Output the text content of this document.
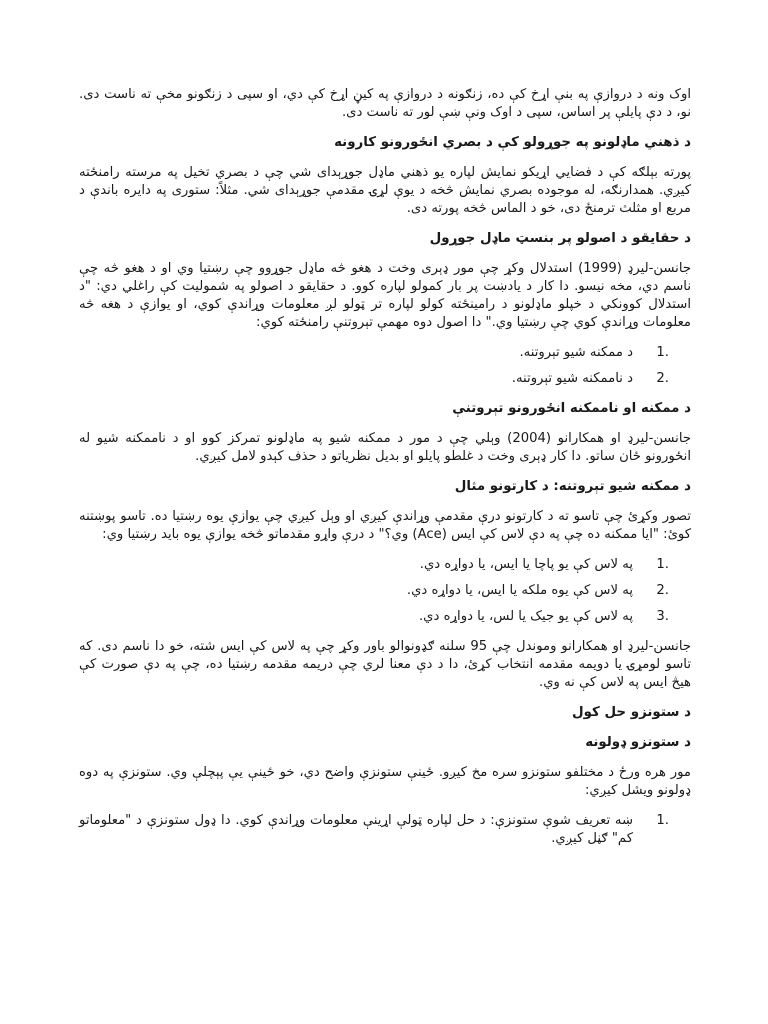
اوک ونه د دروازې په بنې اړخ کې ده، زنګونه د دروازې په کيڼ اړخ کې دي، او سپی د زنګونو مخې ته ناست دی. نو، د دې پايلې پر اساس، سپی د اوک ونې ښې لور ته ناست دی.

د ذهني ماډلونو په جوړولو کې د بصري انځورونو کارونه

پورته بېلګه کې د فضايي اړيکو نمايش لپاره يو ذهني ماډل جوړېدای شي چې د بصري تخيل په مرسته رامنځته کيږي. همدارنګه، له موجوده بصري نمايش څخه د يوې لړۍ مقدمې جوړېدای شي. مثلاً: ستوری په دايره باندې د مربع او مثلث ترمنځ دی، خو د الماس څخه پورته دی.

د حقايقو د اصولو پر بنسټ ماډل جوړول

جانسن-ليرډ (1999) استدلال وکړ چې مور ډېری وخت د هغو څه ماډل جوړوو چې رښتيا وي او د هغو څه چې ناسم دي، مخه نيسو. دا کار د يادښت پر بار کمولو لپاره کوو. د حقايقو د اصولو په شموليت کې راغلي دي: "د استدلال کوونکي د خپلو ماډلونو د رامينځته کولو لپاره تر ټولو لږ معلومات وړاندې کوي، او يوازې د هغه څه معلومات وړاندې کوي چې رښتيا وي." دا اصول دوه مهمې تېروتنې رامنځته کوي:

1.
د ممکنه شيو تېروتنه.
2.
د ناممکنه شيو تېروتنه.
د ممکنه او ناممکنه انځورونو تېروتنې

جانسن-ليرډ او همکارانو (2004) وېلي چې د مور د ممکنه شيو په ماډلونو تمرکز کوو او د ناممکنه شيو له انځورونو ځان ساتو. دا کار ډېری وخت د غلطو پايلو او بديل نظرياتو د حذف کېدو لامل کيږي.

د ممکنه شيو تېروتنه: د کارتونو مثال

تصور وکړئ چې تاسو ته د کارتونو درې مقدمې وړاندې کيږي او وېل کيږي چې يوازې يوه رښتيا ده. تاسو پوښتنه کوئ: "ايا ممکنه ده چې په دې لاس کې ايس (Ace) وي؟" د درې واړو مقدماتو څخه يوازې يوه بايد رښتيا وي:

1.
په لاس کې يو پاچا يا ايس، يا دواړه دي.
2.
په لاس کې يوه ملکه يا ايس، يا دواړه دي.
3.
په لاس کې يو جيک يا لس، يا دواړه دي.

جانسن-ليرډ او همکارانو وموندل چې 95 سلنه ګډونوالو باور وکړ چې په لاس کې ايس شته، خو دا ناسم دی. که تاسو لومړۍ يا دويمه مقدمه انتخاب کړئ، دا د دې معنا لري چې دريمه مقدمه رښتيا ده، چې په دې صورت کې هيڅ ايس په لاس کې نه وي.

د ستونزو حل کول
د ستونزو ډولونه

مور هره ورځ د مختلفو ستونزو سره مخ کيږو. ځينې ستونزې واضح دي، خو ځينې يې پېچلې وي. ستونزې په دوه ډولونو ويشل کيږي:

1.
ښه تعريف شوې ستونزې: د حل لپاره ټولې اړينې معلومات وړاندې کوي. دا ډول ستونزې د "معلوماتو کم" ګڼل کيږي.
